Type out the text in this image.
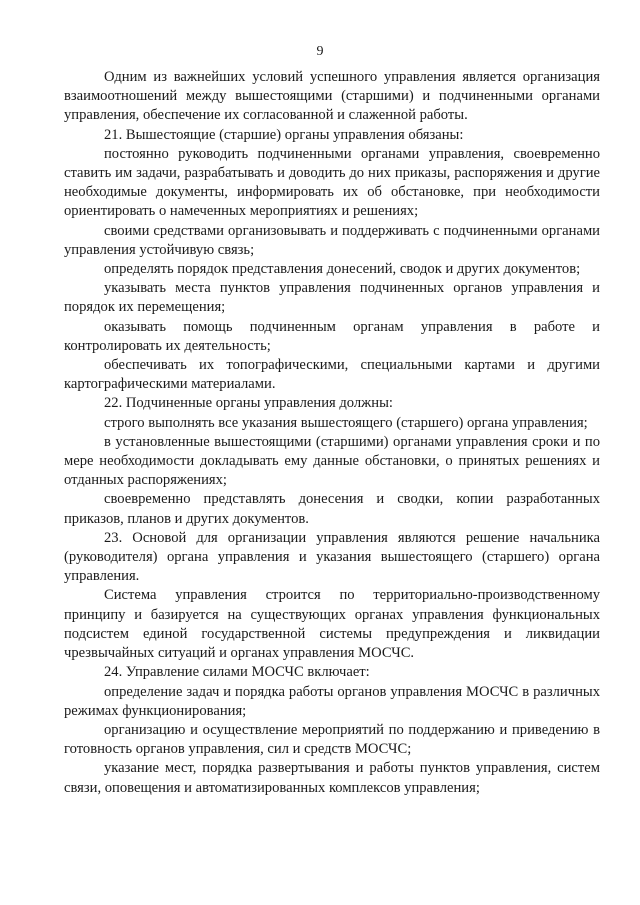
9

Одним из важнейших условий успешного управления является организация взаимоотношений между вышестоящими (старшими) и подчиненными органами управления, обеспечение их согласованной и слаженной работы.

21. Вышестоящие (старшие) органы управления обязаны:

постоянно руководить подчиненными органами управления, своевременно ставить им задачи, разрабатывать и доводить до них приказы, распоряжения и другие необходимые документы, информировать их об обстановке, при необходимости ориентировать о намеченных мероприятиях и решениях;

своими средствами организовывать и поддерживать с подчиненными органами управления устойчивую связь;

определять порядок представления донесений, сводок и других документов;

указывать места пунктов управления подчиненных органов управления и порядок их перемещения;

оказывать помощь подчиненным органам управления в работе и контролировать их деятельность;

обеспечивать их топографическими, специальными картами и другими картографическими материалами.

22. Подчиненные органы управления должны:

строго выполнять все указания вышестоящего (старшего) органа управления;

в установленные вышестоящими (старшими) органами управления сроки и по мере необходимости докладывать ему данные обстановки, о принятых решениях и отданных распоряжениях;

своевременно представлять донесения и сводки, копии разработанных приказов, планов и других документов.

23. Основой для организации управления являются решение начальника (руководителя) органа управления и указания вышестоящего (старшего) органа управления.

Система управления строится по территориально-производственному принципу и базируется на существующих органах управления функциональных подсистем единой государственной системы предупреждения и ликвидации чрезвычайных ситуаций и органах управления МОСЧС.

24. Управление силами МОСЧС включает:

определение задач и порядка работы органов управления МОСЧС в различных режимах функционирования;

организацию и осуществление мероприятий по поддержанию и приведению в готовность органов управления, сил и средств МОСЧС;

указание мест, порядка развертывания и работы пунктов управления, систем связи, оповещения и автоматизированных комплексов управления;
